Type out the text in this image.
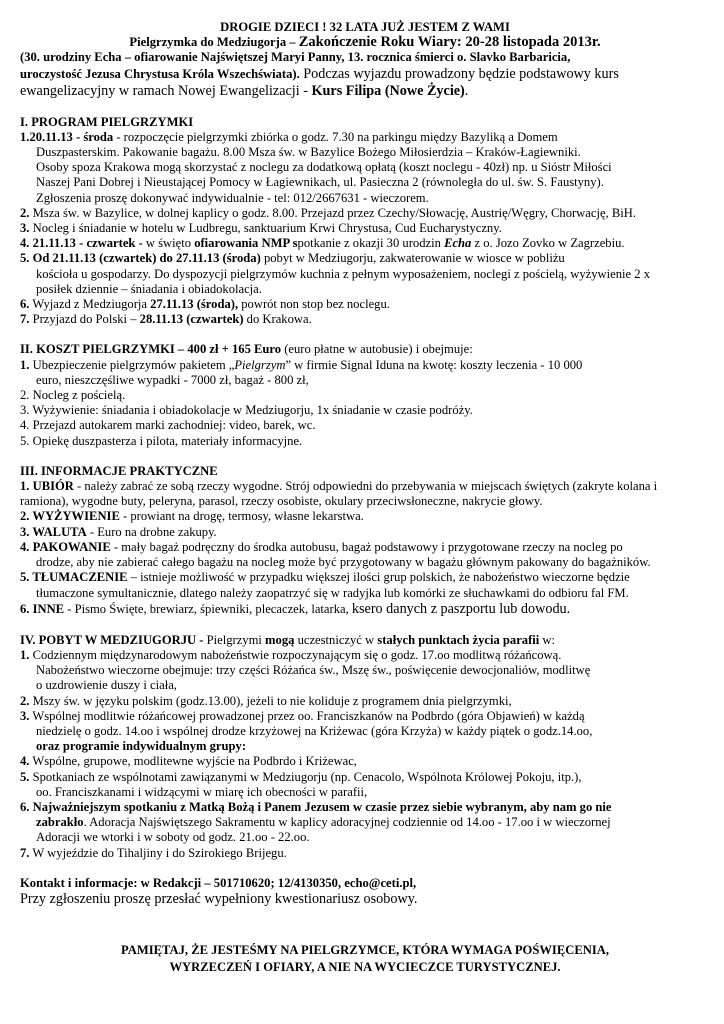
DROGIE DZIECI ! 32 LATA JUŻ JESTEM Z WAMI

Pielgrzymka do Medziugorja – Zakończenie Roku Wiary: 20-28 listopada 2013r.

(30. urodziny Echa – ofiarowanie Najświętszej Maryi Panny, 13. rocznica śmierci o. Slavko Barbaricia,

uroczystość Jezusa Chrystusa Króla Wszechświata). Podczas wyjazdu prowadzony będzie podstawowy kurs ewangelizacyjny w ramach Nowej Ewangelizacji - Kurs Filipa (Nowe Życie).

I. PROGRAM PIELGRZYMKI

1.20.11.13 - środa - rozpoczęcie pielgrzymki zbiórka o godz. 7.30 na parkingu między Bazyliką a Domem

Duszpasterskim. Pakowanie bagażu. 8.00 Msza św. w Bazylice Bożego Miłosierdzia – Kraków-Łagiewniki.

Osoby spoza Krakowa mogą skorzystać z noclegu za dodatkową opłatą (koszt noclegu - 40zł) np. u Sióstr Miłości

Naszej Pani Dobrej i Nieustającej Pomocy w Łagiewnikach, ul. Pasieczna 2 (równoległa do ul. św. S. Faustyny).

Zgłoszenia proszę dokonywać indywidualnie - tel: 012/2667631 - wieczorem.

2. Msza św. w Bazylice, w dolnej kaplicy o godz. 8.00. Przejazd przez Czechy/Słowację, Austrię/Węgry, Chorwację, BiH.

3. Nocleg i śniadanie w hotelu w Ludbregu, sanktuarium Krwi Chrystusa, Cud Eucharystyczny.

4. 21.11.13 - czwartek - w święto ofiarowania NMP spotkanie z okazji 30 urodzin Echa z o. Jozo Zovko w Zagrzebiu.

5. Od 21.11.13 (czwartek) do 27.11.13 (środa) pobyt w Medziugorju, zakwaterowanie w wiosce w pobliżu

kościoła u gospodarzy. Do dyspozycji pielgrzymów kuchnia z pełnym wyposażeniem, noclegi z pościelą, wyżywienie 2 x

posiłek dziennie – śniadania i obiadokolacja.

6. Wyjazd z Medziugorja 27.11.13 (środa), powrót non stop bez noclegu.

7. Przyjazd do Polski – 28.11.13 (czwartek) do Krakowa.

II. KOSZT PIELGRZYMKI – 400 zł + 165 Euro (euro płatne w autobusie) i obejmuje:

1. Ubezpieczenie pielgrzymów pakietem „Pielgrzym” w firmie Signal Iduna na kwotę: koszty leczenia - 10 000

euro, nieszczęśliwe wypadki - 7000 zł, bagaż - 800 zł,

2. Nocleg z pościelą.

3. Wyżywienie: śniadania i obiadokolacje w Medziugorju, 1x śniadanie w czasie podróży.

4. Przejazd autokarem marki zachodniej: video, barek, wc.

5. Opiekę duszpasterza i pilota, materiały informacyjne.

III. INFORMACJE PRAKTYCZNE

1. UBIÓR - należy zabrać ze sobą rzeczy wygodne. Strój odpowiedni do przebywania w miejscach świętych (zakryte kolana i

ramiona), wygodne buty, peleryna, parasol, rzeczy osobiste, okulary przeciwsłoneczne, nakrycie głowy.

2. WYŻYWIENIE - prowiant na drogę, termosy, własne lekarstwa.

3. WALUTA - Euro na drobne zakupy.

4. PAKOWANIE - mały bagaż podręczny do środka autobusu, bagaż podstawowy i przygotowane rzeczy na nocleg po

drodze, aby nie zabierać całego bagażu na nocleg może być przygotowany w bagażu głównym pakowany do bagażników.

5. TŁUMACZENIE – istnieje możliwość w przypadku większej ilości grup polskich, że nabożeństwo wieczorne będzie

tłumaczone symultanicznie, dlatego należy zaopatrzyć się w radyjka lub komórki ze słuchawkami do odbioru fal FM.

6. INNE - Pismo Święte, brewiarz, śpiewniki, plecaczek, latarka, ksero danych z paszportu lub dowodu.

IV. POBYT W MEDZIUGORJU - Pielgrzymi mogą uczestniczyć w stałych punktach życia parafii w:

1. Codziennym międzynarodowym nabożeństwie rozpoczynającym się o godz. 17.oo modlitwą różańcową.

Nabożeństwo wieczorne obejmuje: trzy części Różańca św., Mszę św., poświęcenie dewocjonaliów, modlitwę

o uzdrowienie duszy i ciała,

2. Mszy św. w języku polskim (godz.13.00), jeżeli to nie koliduje z programem dnia pielgrzymki,

3. Wspólnej modlitwie różańcowej prowadzonej przez oo. Franciszkanów na Podbrdo (góra Objawień) w każdą

niedzielę o godz. 14.oo i wspólnej drodze krzyżowej na Kriżewac (góra Krzyża) w każdy piątek o godz.14.oo,

oraz programie indywidualnym grupy:

4. Wspólne, grupowe, modlitewne wyjście na Podbrdo i Kriżewac,

5. Spotkaniach ze wspólnotami zawiązanymi w Medziugorju (np. Cenacolo, Wspólnota Królowej Pokoju, itp.),

oo. Franciszkanami i widzącymi w miarę ich obecności w parafii,

6. Najważniejszym spotkaniu z Matką Bożą i Panem Jezusem w czasie przez siebie wybranym, aby nam go nie

zabrakło. Adoracja Najświętszego Sakramentu w kaplicy adoracyjnej codziennie od 14.oo - 17.oo i w wieczornej

Adoracji we wtorki i w soboty od godz. 21.oo - 22.oo.

7. W wyjeździe do Tihaljiny i do Szirokiego Brijegu.

Kontakt i informacje: w Redakcji – 501710620; 12/4130350, echo@ceti.pl,

Przy zgłoszeniu proszę przesłać wypełniony kwestionariusz osobowy.

PAMIĘTAJ, ŻE JESTEŚMY NA PIELGRZYMCE, KTÓRA WYMAGA POŚWIĘCENIA,

WYRZECZEŃ I OFIARY, A NIE NA WYCIECZCE TURYSTYCZNEJ.
